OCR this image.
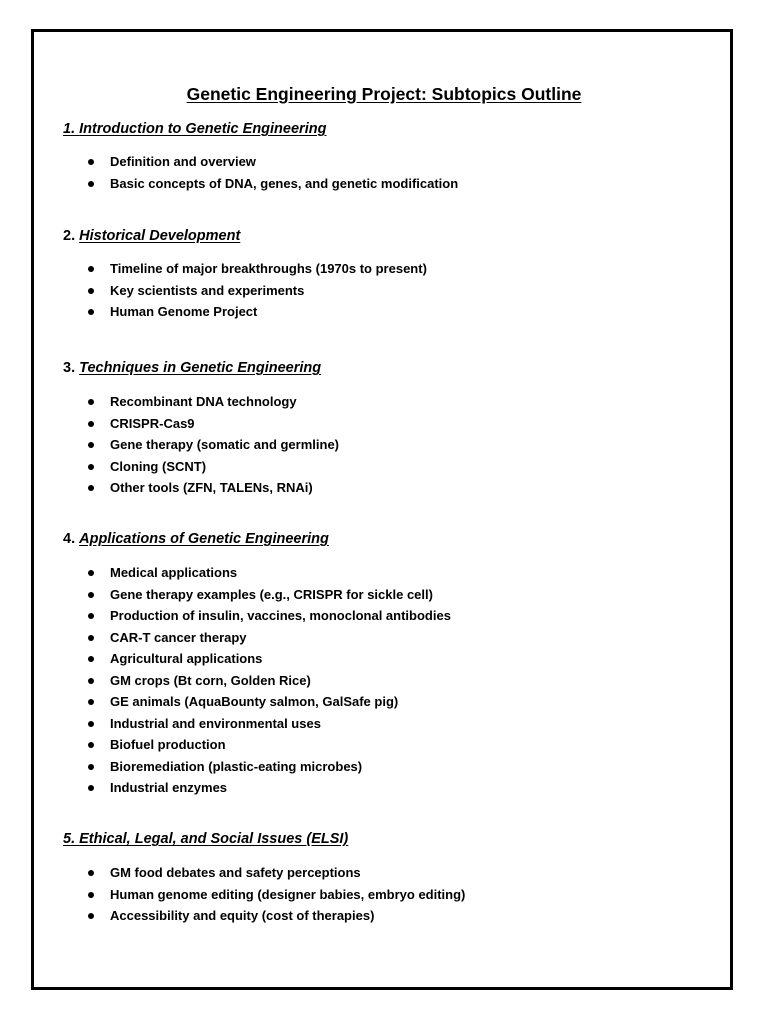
Genetic Engineering Project: Subtopics Outline

1. Introduction to Genetic Engineering

Definition and overview
Basic concepts of DNA, genes, and genetic modification

2. Historical Development

Timeline of major breakthroughs (1970s to present)
Key scientists and experiments
Human Genome Project

3. Techniques in Genetic Engineering

Recombinant DNA technology
CRISPR-Cas9
Gene therapy (somatic and germline)
Cloning (SCNT)
Other tools (ZFN, TALENs, RNAi)

4. Applications of Genetic Engineering

Medical applications
Gene therapy examples (e.g., CRISPR for sickle cell)
Production of insulin, vaccines, monoclonal antibodies
CAR-T cancer therapy
Agricultural applications
GM crops (Bt corn, Golden Rice)
GE animals (AquaBounty salmon, GalSafe pig)
Industrial and environmental uses
Biofuel production
Bioremediation (plastic-eating microbes)
Industrial enzymes

5. Ethical, Legal, and Social Issues (ELSI)

GM food debates and safety perceptions
Human genome editing (designer babies, embryo editing)
Accessibility and equity (cost of therapies)
